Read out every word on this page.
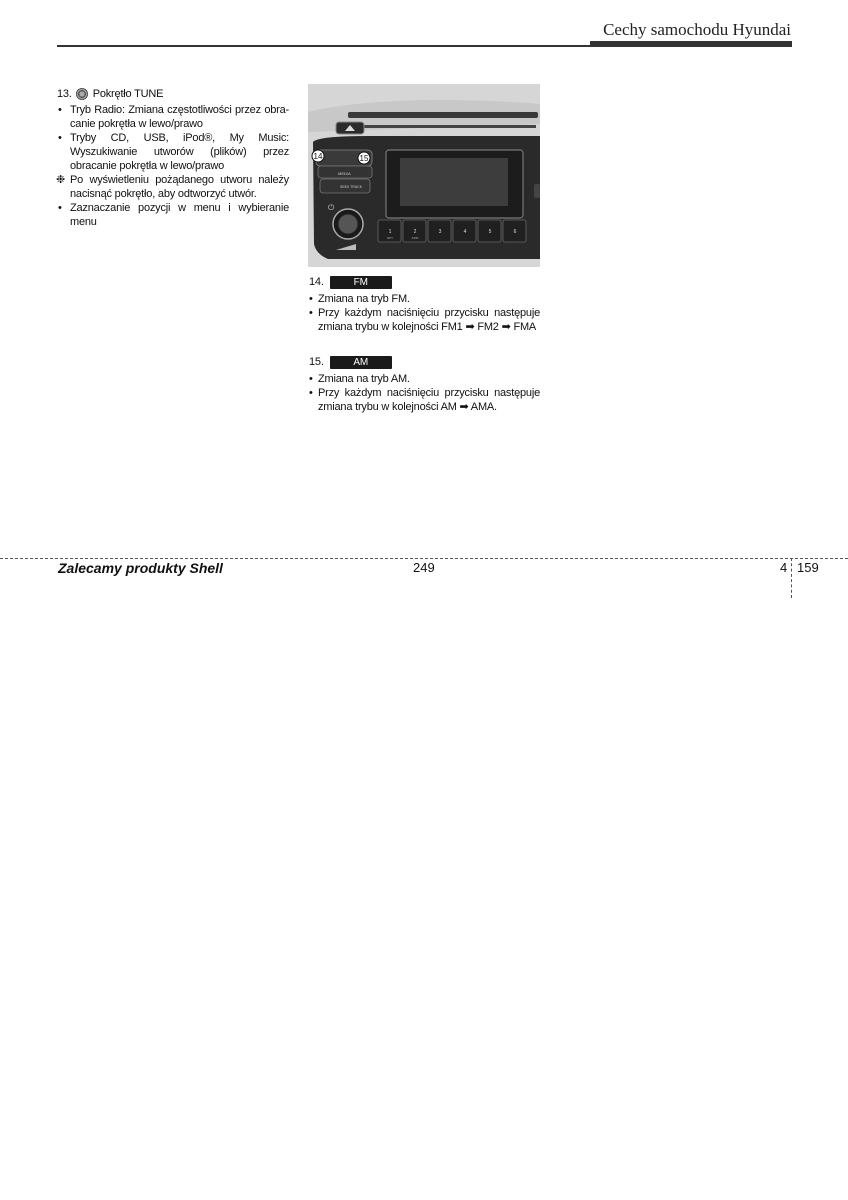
Cechy samochodu Hyundai
13. Pokrętło TUNE
• Tryb Radio: Zmiana częstotliwości przez obra-canie pokrętła w lewo/prawo
• Tryby CD, USB, iPod®, My Music: Wyszukiwanie utworów (plików) przez obracanie pokrętła w lewo/prawo
❉ Po wyświetleniu pożądanego utworu należy nacisnąć pokrętło, aby odtworzyć utwór.
• Zaznaczanie pozycji w menu i wybieranie menu
MEDIA
SEEK TRACK
14	15
⏻
1	2	3	4	5	6
RPT	RDM
14.	FM
• Zmiana na tryb FM.
• Przy każdym naciśnięciu przycisku następuje zmiana trybu w kolejności FM1 ➡ FM2 ➡ FMA
15.	AM
• Zmiana na tryb AM.
• Przy każdym naciśnięciu przycisku następuje zmiana trybu w kolejności AM ➡ AMA.
Zalecamy produkty Shell	249	4 159
